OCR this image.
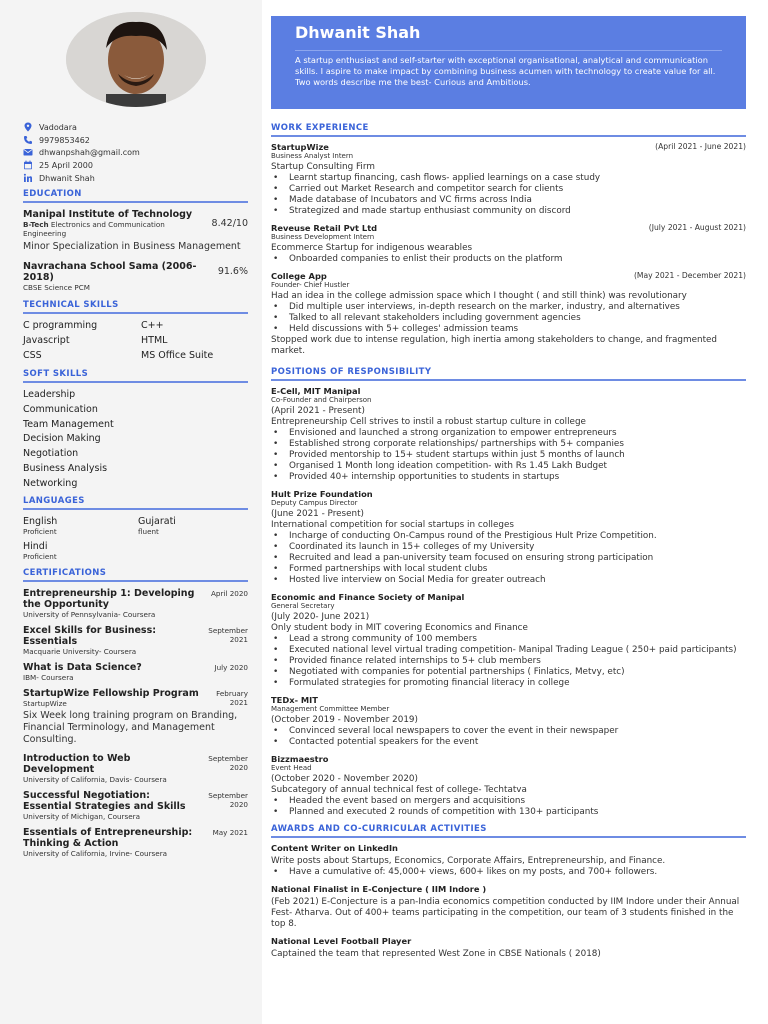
Vadodara
9979853462
dhwanpshah@gmail.com
25 April 2000
Dhwanit Shah
EDUCATION
Manipal Institute of Technology
B-Tech Electronics and Communication Engineering
8.42/10
Minor Specialization in Business Management
Navrachana School Sama (2006-2018)
91.6%
CBSE Science PCM
TECHNICAL SKILLS
C programming	C++
Javascript	HTML
CSS	MS Office Suite
SOFT SKILLS
Leadership
Communication
Team Management
Decision Making
Negotiation
Business Analysis
Networking
LANGUAGES
English
Proficient
Gujarati
fluent
Hindi
Proficient
CERTIFICATIONS
Entrepreneurship 1: Developing the Opportunity
University of Pennsylvania- Coursera
April 2020
Excel Skills for Business: Essentials
Macquarie University- Coursera
September 2021
What is Data Science?
IBM- Coursera
July 2020
StartupWize Fellowship Program
StartupWize
February 2021
Six Week long training program on Branding, Financial Terminology, and Management Consulting.
Introduction to Web Development
University of California, Davis- Coursera
September 2020
Successful Negotiation: Essential Strategies and Skills
University of Michigan, Coursera
September 2020
Essentials of Entrepreneurship: Thinking & Action
University of California, Irvine- Coursera
May 2021
Dhwanit Shah
A startup enthusiast and self-starter with exceptional organisational, analytical and communication skills. I aspire to make impact by combining business acumen with technology to create value for all. Two words describe me the best- Curious and Ambitious.
WORK EXPERIENCE
StartupWize	(April 2021 - June 2021)
Business Analyst Intern
Startup Consulting Firm
• Learnt startup financing, cash flows- applied learnings on a case study
• Carried out Market Research and competitor search for clients
• Made database of Incubators and VC firms across India
• Strategized and made startup enthusiast community on discord
Reveuse Retail Pvt Ltd	(July 2021 - August 2021)
Business Development Intern
Ecommerce Startup for indigenous wearables
• Onboarded companies to enlist their products on the platform
College App	(May 2021 - December 2021)
Founder- Chief Hustler
Had an idea in the college admission space which I thought ( and still think) was revolutionary
• Did multiple user interviews, in-depth research on the marker, industry, and alternatives
• Talked to all relevant stakeholders including government agencies
• Held discussions with 5+ colleges' admission teams
Stopped work due to intense regulation, high inertia among stakeholders to change, and fragmented market.
POSITIONS OF RESPONSIBILITY
E-Cell, MIT Manipal
Co-Founder and Chairperson
(April 2021 - Present)
Entrepreneurship Cell strives to instil a robust startup culture in college
• Envisioned and launched a strong organization to empower entrepreneurs
• Established strong corporate relationships/ partnerships with 5+ companies
• Provided mentorship to 15+ student startups within just 5 months of launch
• Organised 1 Month long ideation competition- with Rs 1.45 Lakh Budget
• Provided 40+ internship opportunities to students in startups
Hult Prize Foundation
Deputy Campus Director
(June 2021 - Present)
International competition for social startups in colleges
• Incharge of conducting On-Campus round of the Prestigious Hult Prize Competition.
• Coordinated its launch in 15+ colleges of my University
• Recruited and lead a pan-university team focused on ensuring strong participation
• Formed partnerships with local student clubs
• Hosted live interview on Social Media for greater outreach
Economic and Finance Society of Manipal
General Secretary
(July 2020- June 2021)
Only student body in MIT covering Economics and Finance
• Lead a strong community of 100 members
• Executed national level virtual trading competition- Manipal Trading League ( 250+ paid participants)
• Provided finance related internships to 5+ club members
• Negotiated with companies for potential partnerships ( Finlatics, Metvy, etc)
• Formulated strategies for promoting financial literacy in college
TEDx- MIT
Management Committee Member
(October 2019 - November 2019)
• Convinced several local newspapers to cover the event in their newspaper
• Contacted potential speakers for the event
Bizzmaestro
Event Head
(October 2020 - November 2020)
Subcategory of annual technical fest of college- Techtatva
• Headed the event based on mergers and acquisitions
• Planned and executed 2 rounds of competition with 130+ participants
AWARDS AND CO-CURRICULAR ACTIVITIES
Content Writer on LinkedIn
Write posts about Startups, Economics, Corporate Affairs, Entrepreneurship, and Finance.
• Have a cumulative of: 45,000+ views, 600+ likes on my posts, and 700+ followers.
National Finalist in E-Conjecture ( IIM Indore )
(Feb 2021) E-Conjecture is a pan-India economics competition conducted by IIM Indore under their Annual Fest- Atharva. Out of 400+ teams participating in the competition, our team of 3 students finished in the top 8.
National Level Football Player
Captained the team that represented West Zone in CBSE Nationals ( 2018)
